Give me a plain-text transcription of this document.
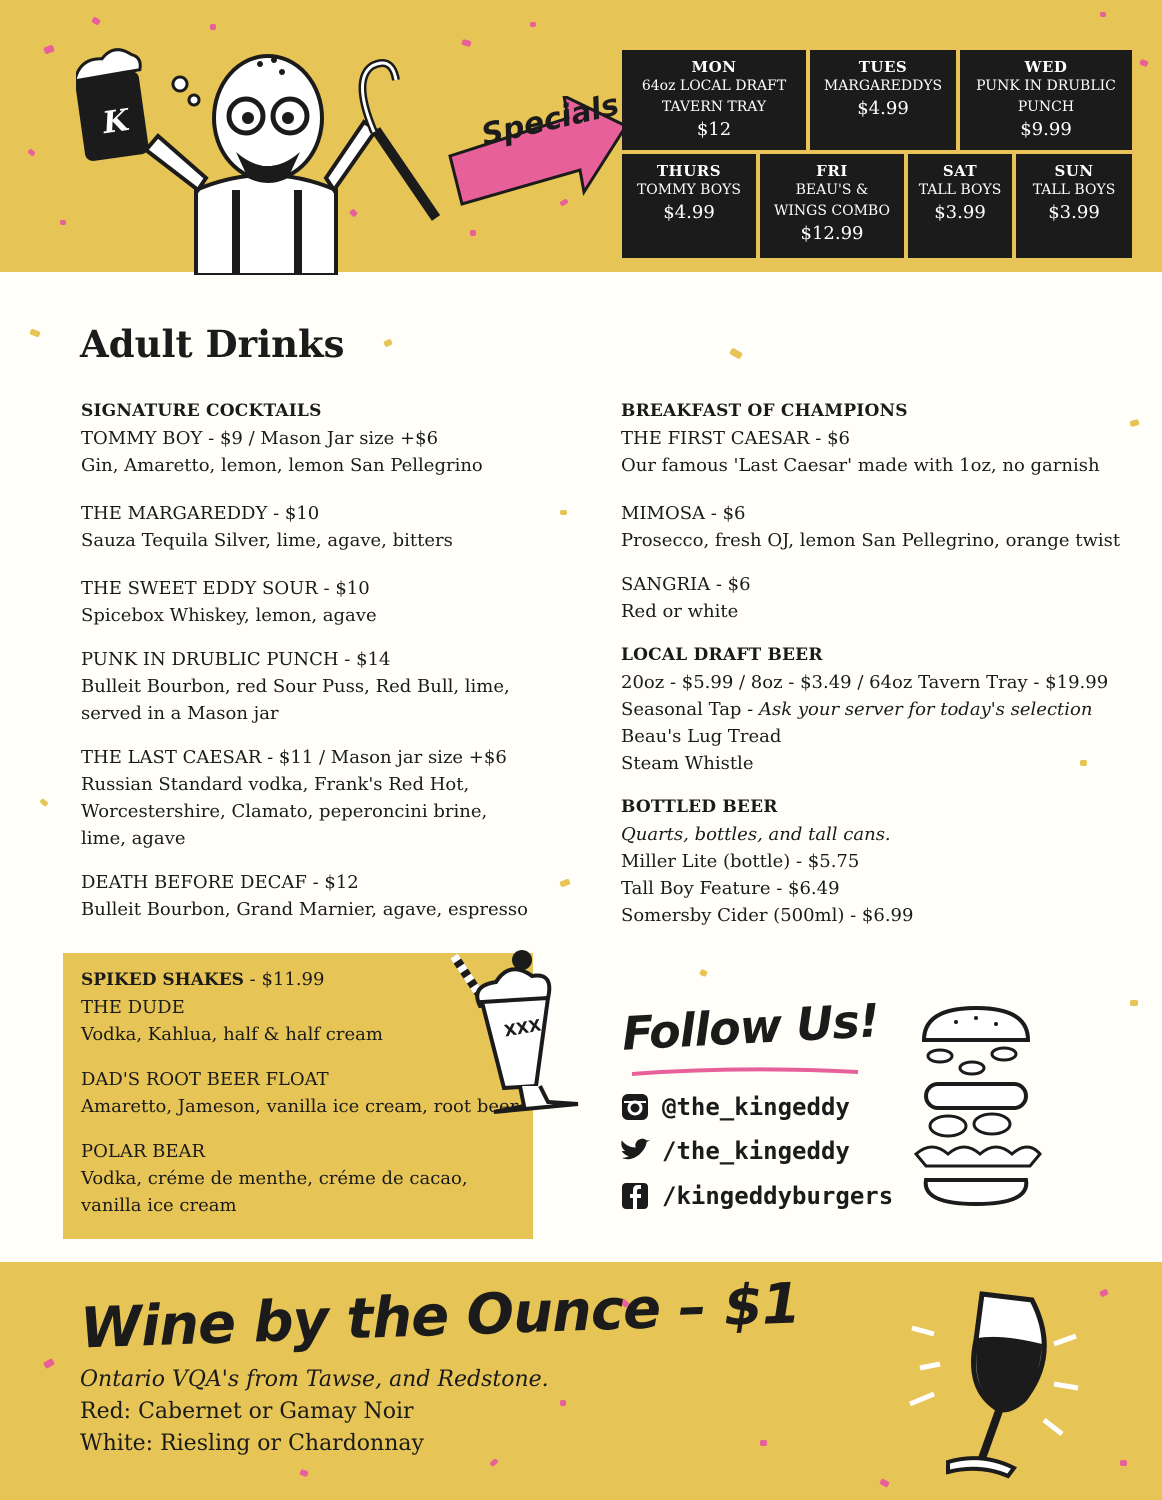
K	Specials
MON
64oz LOCAL DRAFT TAVERN TRAY
$12
TUES
MARGAREDDYS
$4.99
WED
PUNK IN DRUBLIC PUNCH
$9.99
THURS
TOMMY BOYS
$4.99
FRI
BEAU'S & WINGS COMBO
$12.99
SAT
TALL BOYS
$3.99
SUN
TALL BOYS
$3.99
Adult Drinks
SIGNATURE COCKTAILS
TOMMY BOY - $9 / Mason Jar size +$6
Gin, Amaretto, lemon, lemon San Pellegrino
THE MARGAREDDY - $10
Sauza Tequila Silver, lime, agave, bitters
THE SWEET EDDY SOUR - $10
Spicebox Whiskey, lemon, agave
PUNK IN DRUBLIC PUNCH - $14
Bulleit Bourbon, red Sour Puss, Red Bull, lime,
served in a Mason jar
THE LAST CAESAR - $11 / Mason jar size +$6
Russian Standard vodka, Frank's Red Hot,
Worcestershire, Clamato, peperoncini brine,
lime, agave
DEATH BEFORE DECAF - $12
Bulleit Bourbon, Grand Marnier, agave, espresso
BREAKFAST OF CHAMPIONS
THE FIRST CAESAR - $6
Our famous 'Last Caesar' made with 1oz, no garnish
MIMOSA - $6
Prosecco, fresh OJ, lemon San Pellegrino, orange twist
SANGRIA - $6
Red or white
LOCAL DRAFT BEER
20oz - $5.99 / 8oz - $3.49 / 64oz Tavern Tray - $19.99
Seasonal Tap - Ask your server for today's selection
Beau's Lug Tread
Steam Whistle
BOTTLED BEER
Quarts, bottles, and tall cans.
Miller Lite (bottle) - $5.75
Tall Boy Feature - $6.49
Somersby Cider (500ml) - $6.99
SPIKED SHAKES - $11.99
THE DUDE
Vodka, Kahlua, half & half cream
DAD'S ROOT BEER FLOAT
Amaretto, Jameson, vanilla ice cream, root beer
POLAR BEAR
Vodka, créme de menthe, créme de cacao,
vanilla ice cream
XXX Follow Us!
@the_kingeddy
/the_kingeddy
/kingeddyburgers
Wine by the Ounce – $1
Ontario VQA's from Tawse, and Redstone.
Red: Cabernet or Gamay Noir
White: Riesling or Chardonnay
